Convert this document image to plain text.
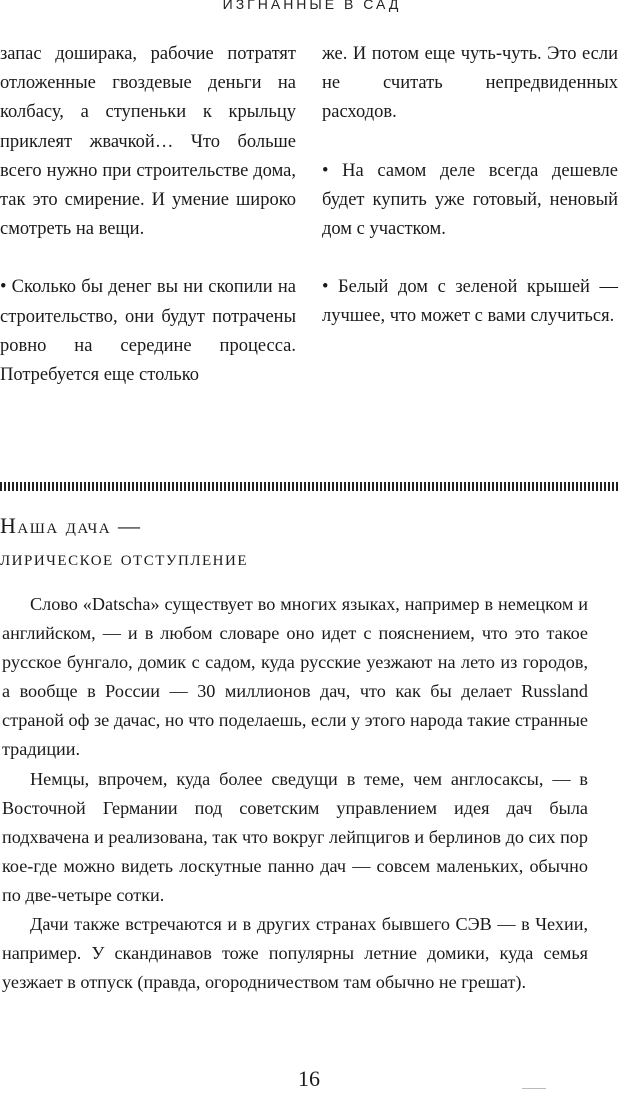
ИЗГНАННЫЕ В САД

запас доширака, рабочие потратят отложенные гвоздевые деньги на колбасу, а ступеньки к крыльцу приклеят жвачкой… Что больше всего нужно при строительстве дома, так это смирение. И умение широко смотреть на вещи.

• Сколько бы денег вы ни скопили на строительство, они будут потрачены ровно на середине процесса. Потребуется еще столько

же. И потом еще чуть-чуть. Это если не считать непредвиденных расходов.

• На самом деле всегда дешевле будет купить уже готовый, неновый дом с участком.

• Белый дом с зеленой крышей — лучшее, что может с вами случиться.

Наша дача —
лирическое отступление

Слово «Datscha» существует во многих языках, например в немецком и английском, — и в любом словаре оно идет с пояснением, что это такое русское бунгало, домик с садом, куда русские уезжают на лето из городов, а вообще в России — 30 миллионов дач, что как бы делает Russland страной оф зе дачас, но что поделаешь, если у этого народа такие странные традиции.

Немцы, впрочем, куда более сведущи в теме, чем англосаксы, — в Восточной Германии под советским управлением идея дач была подхвачена и реализована, так что вокруг лейпцигов и берлинов до сих пор кое-где можно видеть лоскутные панно дач — совсем маленьких, обычно по две-четыре сотки.

Дачи также встречаются и в других странах бывшего СЭВ — в Чехии, например. У скандинавов тоже популярны летние домики, куда семья уезжает в отпуск (правда, огородничеством там обычно не грешат).

16
